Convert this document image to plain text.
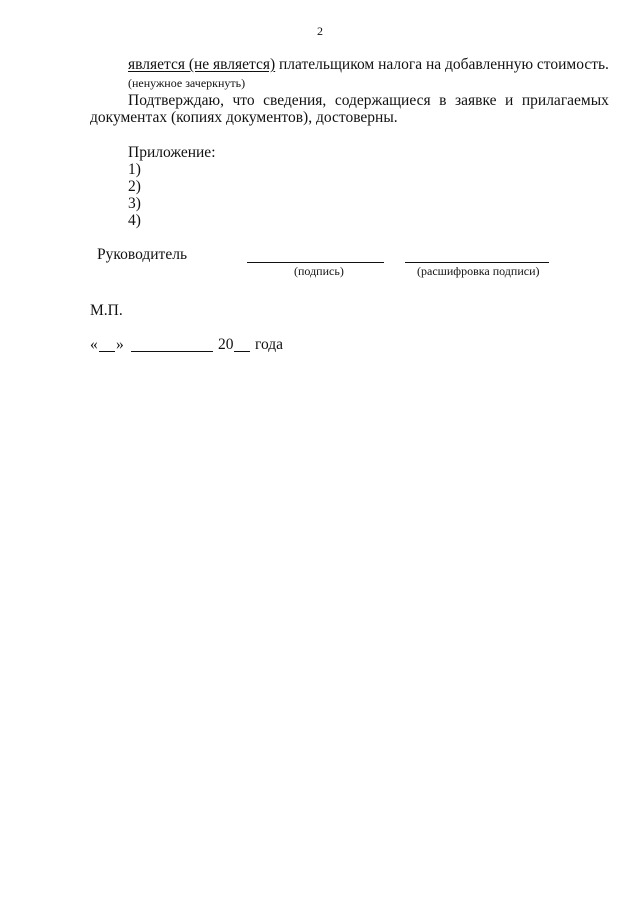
2
является (не является) плательщиком налога на добавленную стоимость.
(ненужное зачеркнуть)
Подтверждаю, что сведения, содержащиеся в заявке и прилагаемых
документах (копиях документов), достоверны.
Приложение:
1)
2)
3)
4)
Руководитель
(подпись)	(расшифровка подписи)
М.П.
« »	20 года
